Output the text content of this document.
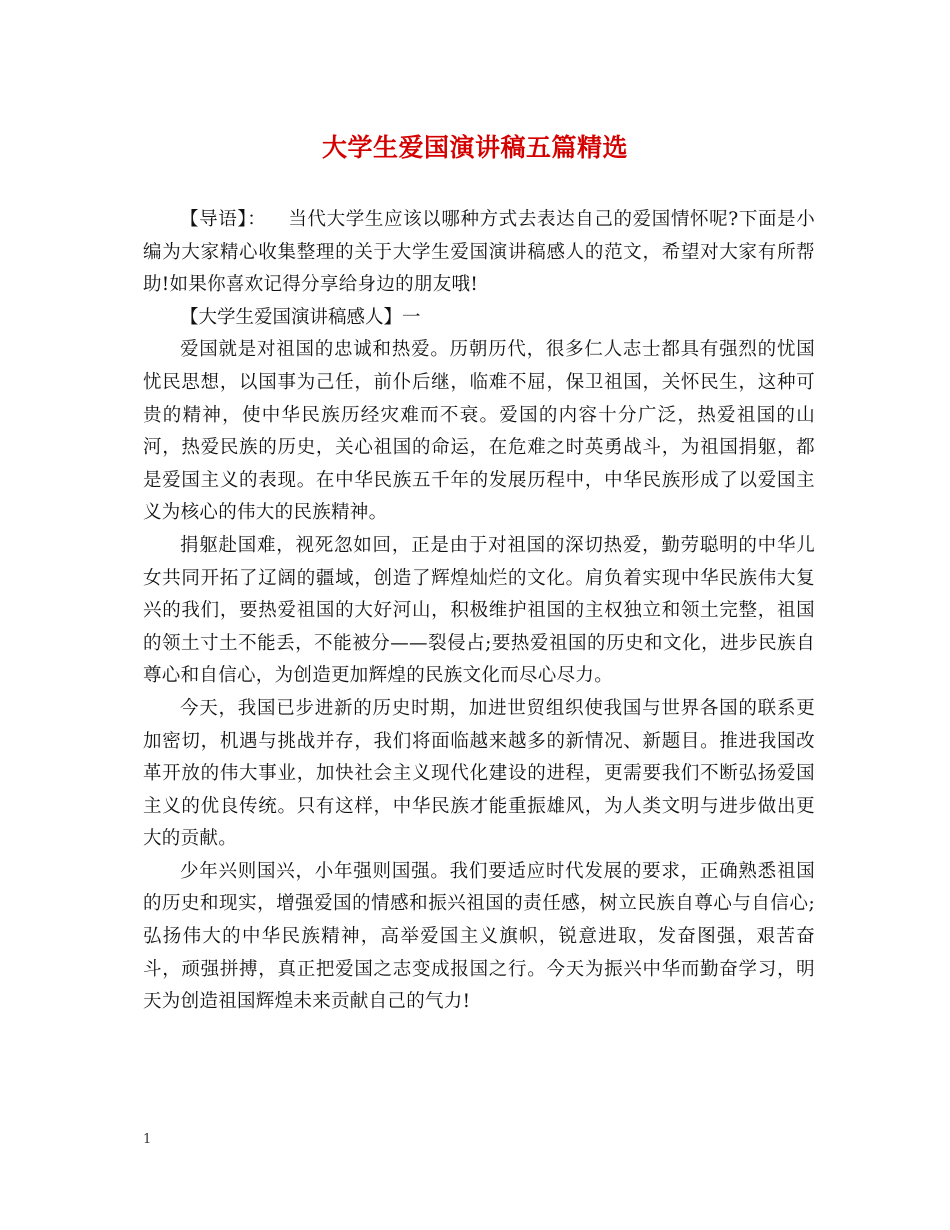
大学生爱国演讲稿五篇精选

【导语】： 当代大学生应该以哪种方式去表达自己的爱国情怀呢?下面是小编为大家精心收集整理的关于大学生爱国演讲稿感人的范文，希望对大家有所帮助!如果你喜欢记得分享给身边的朋友哦!

【大学生爱国演讲稿感人】一

爱国就是对祖国的忠诚和热爱。历朝历代，很多仁人志士都具有强烈的忧国忧民思想，以国事为己任，前仆后继，临难不屈，保卫祖国，关怀民生，这种可贵的精神，使中华民族历经灾难而不衰。爱国的内容十分广泛，热爱祖国的山河，热爱民族的历史，关心祖国的命运，在危难之时英勇战斗，为祖国捐躯，都是爱国主义的表现。在中华民族五千年的发展历程中，中华民族形成了以爱国主义为核心的伟大的民族精神。

捐躯赴国难，视死忽如回，正是由于对祖国的深切热爱，勤劳聪明的中华儿女共同开拓了辽阔的疆域，创造了辉煌灿烂的文化。肩负着实现中华民族伟大复兴的我们，要热爱祖国的大好河山，积极维护祖国的主权独立和领土完整，祖国的领土寸土不能丢，不能被分——裂侵占;要热爱祖国的历史和文化，进步民族自尊心和自信心，为创造更加辉煌的民族文化而尽心尽力。

今天，我国已步进新的历史时期，加进世贸组织使我国与世界各国的联系更加密切，机遇与挑战并存，我们将面临越来越多的新情况、新题目。推进我国改革开放的伟大事业，加快社会主义现代化建设的进程，更需要我们不断弘扬爱国主义的优良传统。只有这样，中华民族才能重振雄风，为人类文明与进步做出更大的贡献。

少年兴则国兴，小年强则国强。我们要适应时代发展的要求，正确熟悉祖国的历史和现实，增强爱国的情感和振兴祖国的责任感，树立民族自尊心与自信心;弘扬伟大的中华民族精神，高举爱国主义旗帜，锐意进取，发奋图强，艰苦奋斗，顽强拼搏，真正把爱国之志变成报国之行。今天为振兴中华而勤奋学习，明天为创造祖国辉煌未来贡献自己的气力!

1
